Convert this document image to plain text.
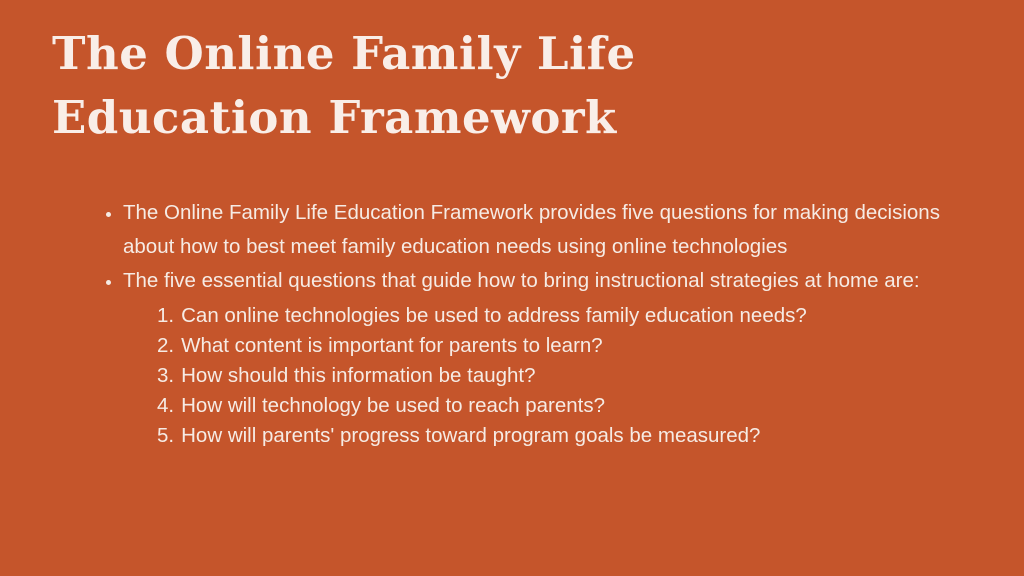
The Online Family Life
Education Framework
• The Online Family Life Education Framework provides five questions for making decisions about how to best meet family education needs using online technologies
• The five essential questions that guide how to bring instructional strategies at home are:
1. Can online technologies be used to address family education needs?
2. What content is important for parents to learn?
3. How should this information be taught?
4. How will technology be used to reach parents?
5. How will parents' progress toward program goals be measured?
